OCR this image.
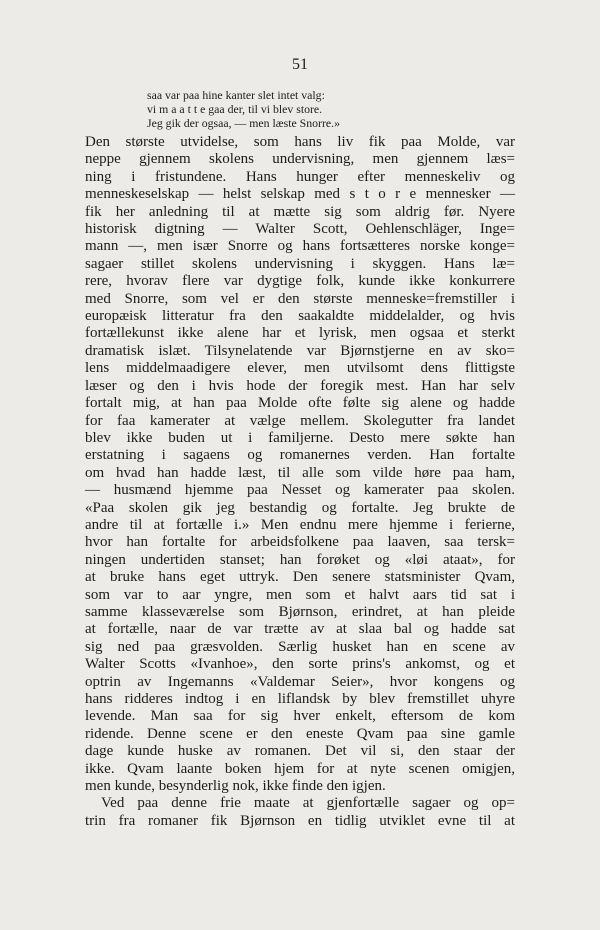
51
saa var paa hine kanter slet intet valg:
vi m a a t t e gaa der, til vi blev store.
Jeg gik der ogsaa, — men læste Snorre.»

Den største utvidelse, som hans liv fik paa Molde, var
neppe gjennem skolens undervisning, men gjennem læs=
ning i fristundene. Hans hunger efter menneskeliv og
menneskeselskap — helst selskap med s t o r e mennesker —
fik her anledning til at mætte sig som aldrig før. Nyere
historisk digtning — Walter Scott, Oehlenschläger, Inge=
mann —, men især Snorre og hans fortsætteres norske konge=
sagaer stillet skolens undervisning i skyggen. Hans læ=
rere, hvorav flere var dygtige folk, kunde ikke konkurrere
med Snorre, som vel er den største menneske=fremstiller i
europæisk litteratur fra den saakaldte middelalder, og hvis
fortællekunst ikke alene har et lyrisk, men ogsaa et sterkt
dramatisk islæt. Tilsynelatende var Bjørnstjerne en av sko=
lens middelmaadigere elever, men utvilsomt dens flittigste
læser og den i hvis hode der foregik mest. Han har selv
fortalt mig, at han paa Molde ofte følte sig alene og hadde
for faa kamerater at vælge mellem. Skolegutter fra landet
blev ikke buden ut i familjerne. Desto mere søkte han
erstatning i sagaens og romanernes verden. Han fortalte
om hvad han hadde læst, til alle som vilde høre paa ham,
— husmænd hjemme paa Nesset og kamerater paa skolen.
«Paa skolen gik jeg bestandig og fortalte. Jeg brukte de
andre til at fortælle i.» Men endnu mere hjemme i ferierne,
hvor han fortalte for arbeidsfolkene paa laaven, saa tersk=
ningen undertiden stanset; han forøket og «løi ataat», for
at bruke hans eget uttryk. Den senere statsminister Qvam,
som var to aar yngre, men som et halvt aars tid sat i
samme klasseværelse som Bjørnson, erindret, at han pleide
at fortælle, naar de var trætte av at slaa bal og hadde sat
sig ned paa græsvolden. Særlig husket han en scene av
Walter Scotts «Ivanhoe», den sorte prins's ankomst, og et
optrin av Ingemanns «Valdemar Seier», hvor kongens og
hans ridderes indtog i en liflandsk by blev fremstillet uhyre
levende. Man saa for sig hver enkelt, eftersom de kom
ridende. Denne scene er den eneste Qvam paa sine gamle
dage kunde huske av romanen. Det vil si, den staar der
ikke. Qvam laante boken hjem for at nyte scenen omigjen,
men kunde, besynderlig nok, ikke finde den igjen.

Ved paa denne frie maate at gjenfortælle sagaer og op=
trin fra romaner fik Bjørnson en tidlig utviklet evne til at
